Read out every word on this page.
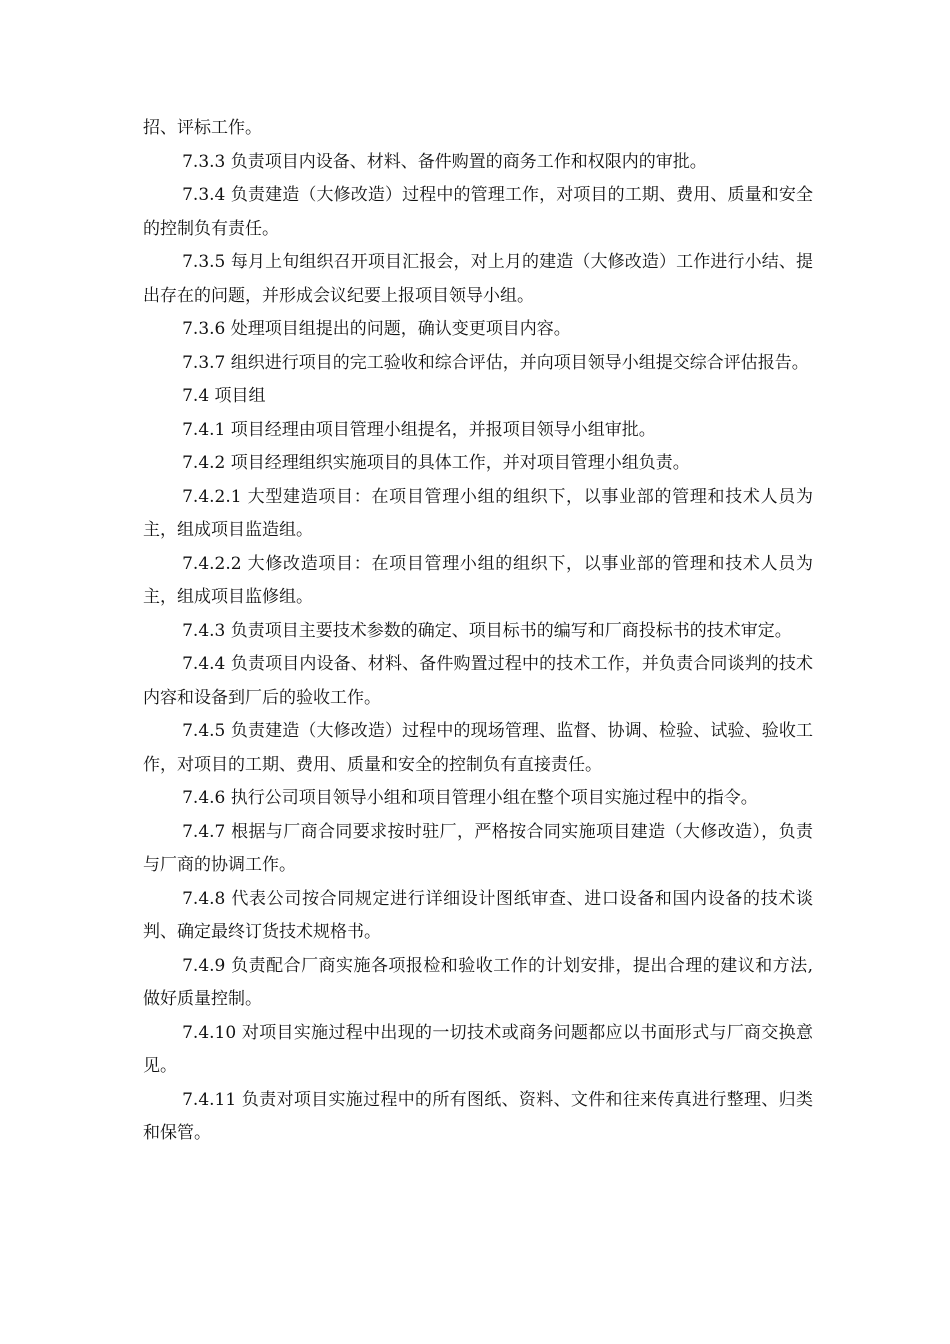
招、评标工作。

7.3.3 负责项目内设备、材料、备件购置的商务工作和权限内的审批。

7.3.4 负责建造（大修改造）过程中的管理工作，对项目的工期、费用、质量和安全的控制负有责任。

7.3.5 每月上旬组织召开项目汇报会，对上月的建造（大修改造）工作进行小结、提出存在的问题，并形成会议纪要上报项目领导小组。

7.3.6 处理项目组提出的问题，确认变更项目内容。

7.3.7 组织进行项目的完工验收和综合评估，并向项目领导小组提交综合评估报告。

7.4 项目组

7.4.1 项目经理由项目管理小组提名，并报项目领导小组审批。

7.4.2 项目经理组织实施项目的具体工作，并对项目管理小组负责。

7.4.2.1 大型建造项目：在项目管理小组的组织下，以事业部的管理和技术人员为主，组成项目监造组。

7.4.2.2 大修改造项目：在项目管理小组的组织下，以事业部的管理和技术人员为主，组成项目监修组。

7.4.3 负责项目主要技术参数的确定、项目标书的编写和厂商投标书的技术审定。

7.4.4 负责项目内设备、材料、备件购置过程中的技术工作，并负责合同谈判的技术内容和设备到厂后的验收工作。

7.4.5 负责建造（大修改造）过程中的现场管理、监督、协调、检验、试验、验收工作，对项目的工期、费用、质量和安全的控制负有直接责任。

7.4.6 执行公司项目领导小组和项目管理小组在整个项目实施过程中的指令。

7.4.7 根据与厂商合同要求按时驻厂，严格按合同实施项目建造（大修改造），负责与厂商的协调工作。

7.4.8 代表公司按合同规定进行详细设计图纸审查、进口设备和国内设备的技术谈判、确定最终订货技术规格书。

7.4.9 负责配合厂商实施各项报检和验收工作的计划安排，提出合理的建议和方法,做好质量控制。

7.4.10 对项目实施过程中出现的一切技术或商务问题都应以书面形式与厂商交换意见。

7.4.11 负责对项目实施过程中的所有图纸、资料、文件和往来传真进行整理、归类和保管。
